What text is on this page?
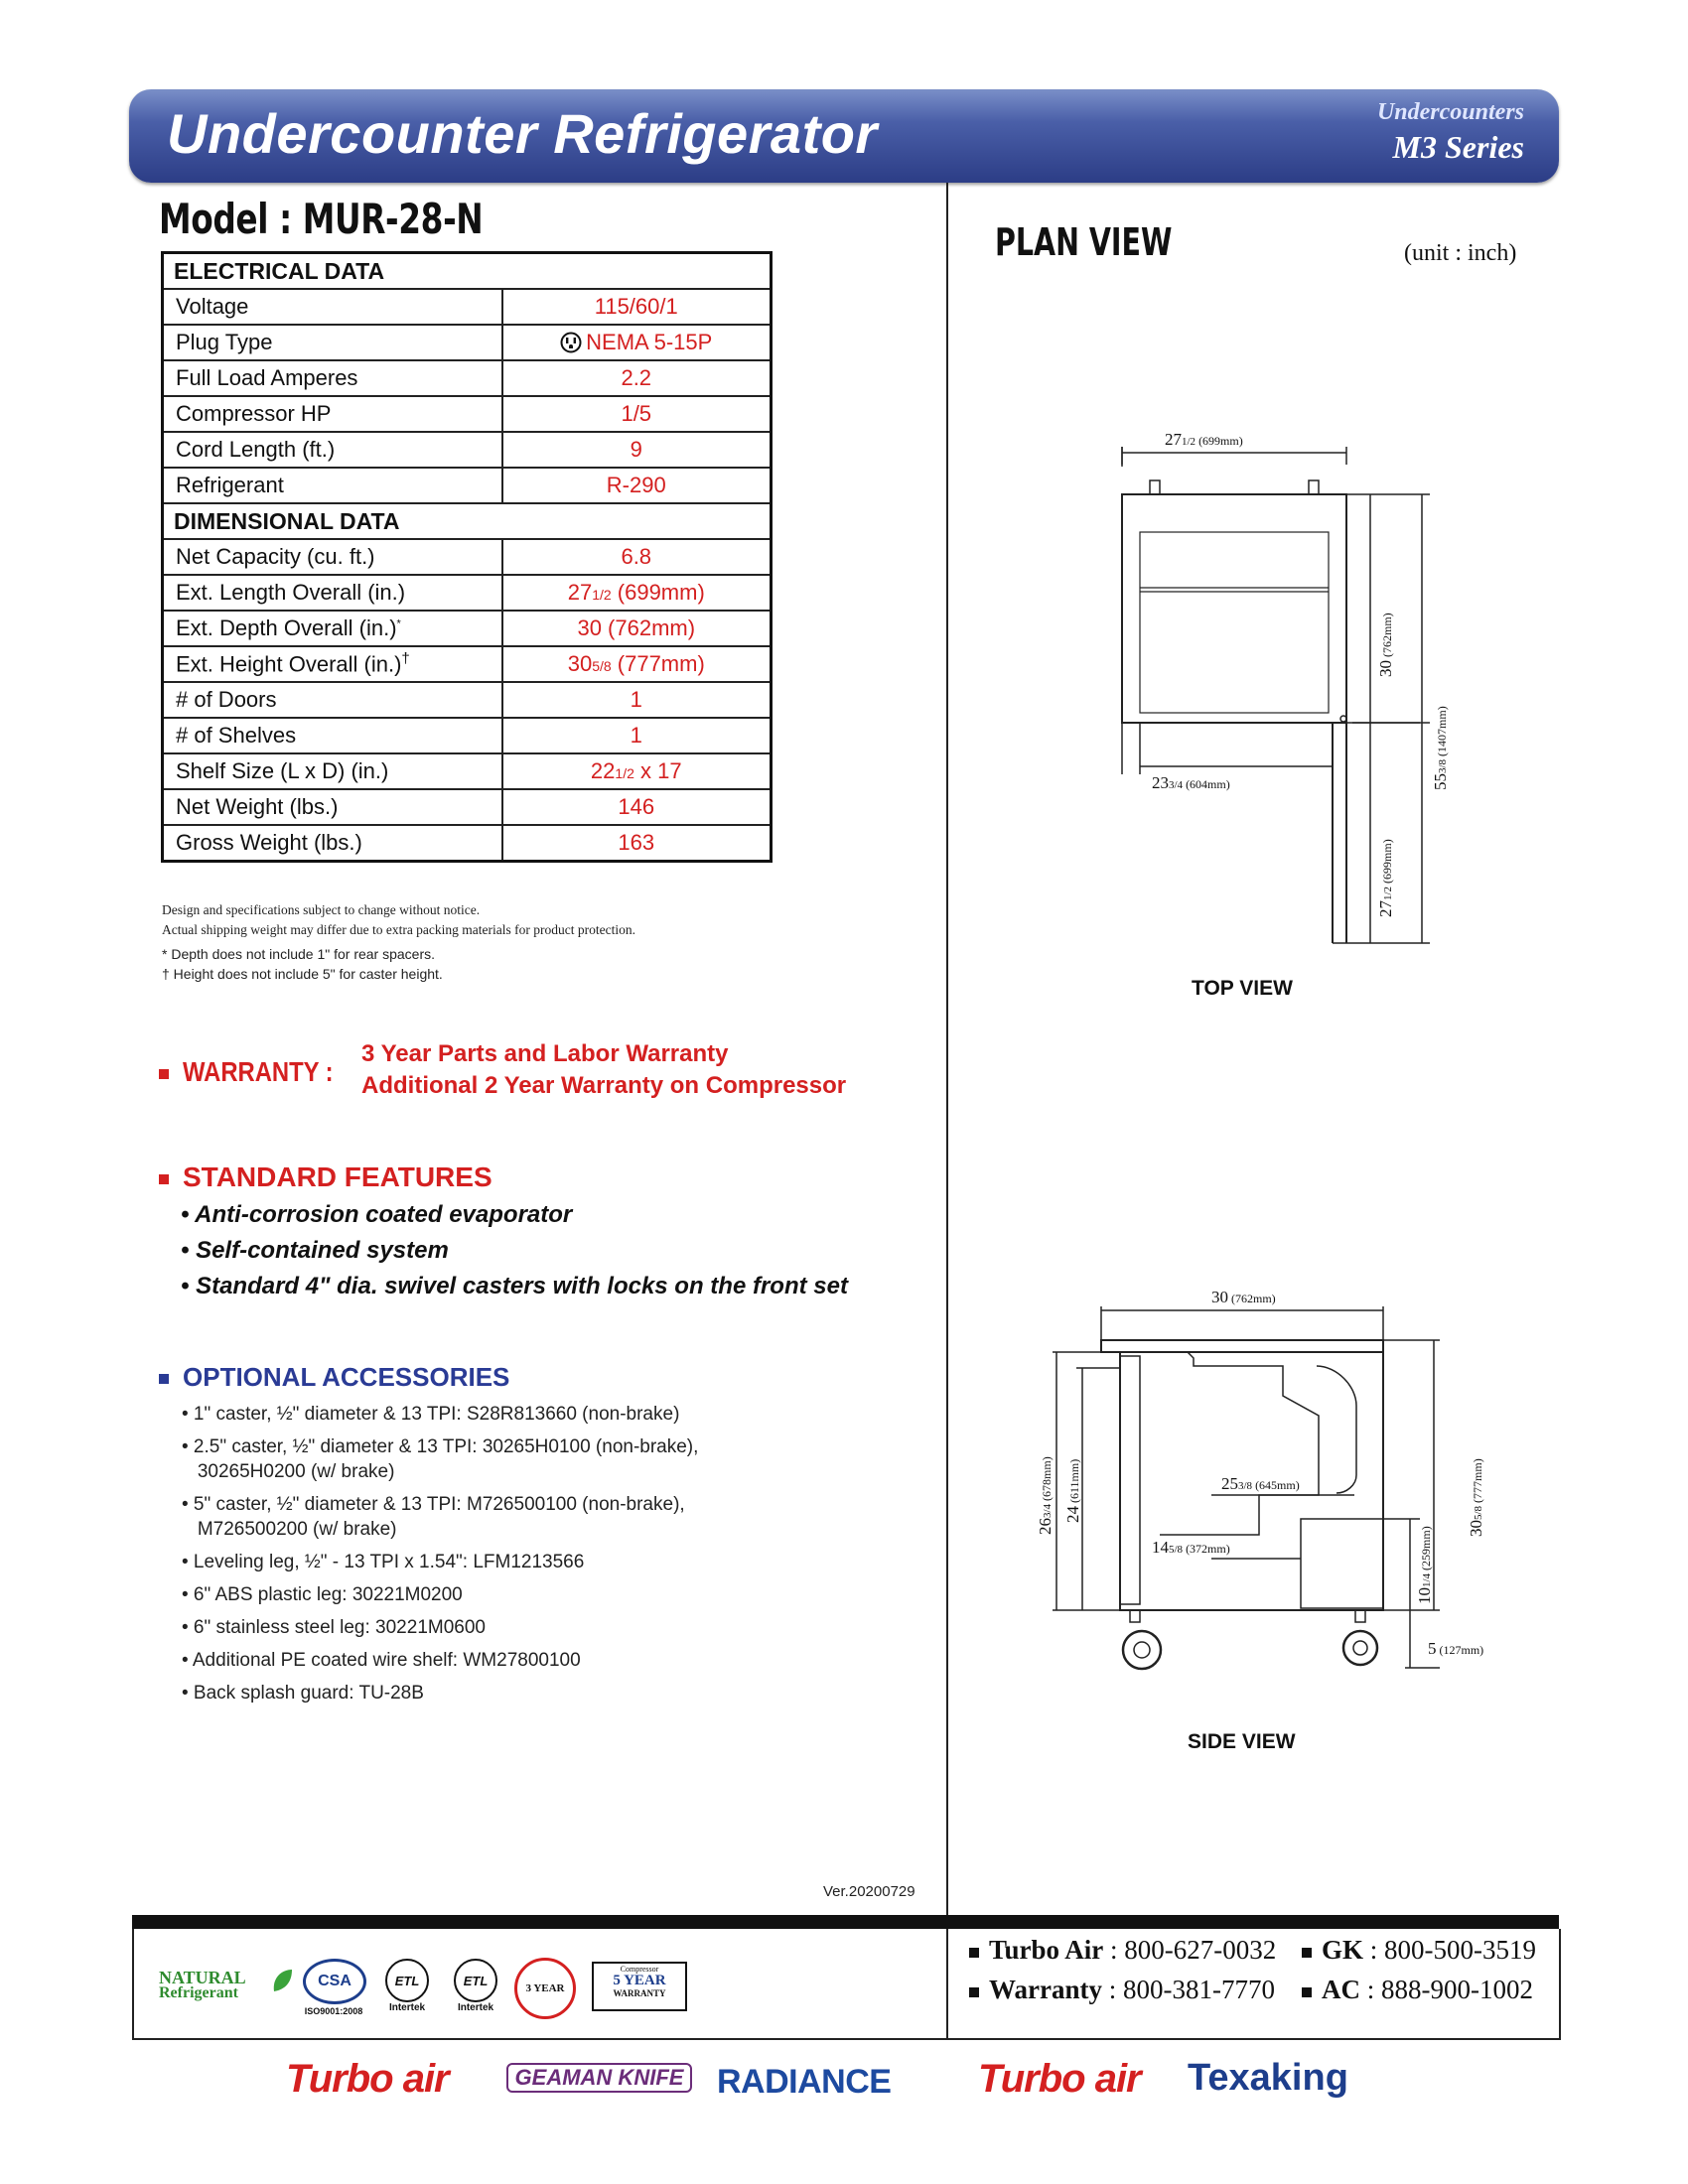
Undercounter Refrigerator	Undercounters
M3 Series
Model : MUR-28-N
ELECTRICAL DATA	
Voltage	115/60/1
Plug Type	NEMA 5-15P
Full Load Amperes	2.2
Compressor HP	1/5
Cord Length (ft.)	9
Refrigerant	R-290
DIMENSIONAL DATA	
Net Capacity (cu. ft.)	6.8
Ext. Length Overall (in.)	271/2 (699mm)
Ext. Depth Overall (in.)*	30 (762mm)
Ext. Height Overall (in.)†	305/8 (777mm)
# of Doors	1
# of Shelves	1
Shelf Size (L x D) (in.)	221/2 x 17
Net Weight (lbs.)	146
Gross Weight (lbs.)	163
Design and specifications subject to change without notice.
Actual shipping weight may differ due to extra packing materials for product protection.
* Depth does not include 1" for rear spacers.
† Height does not include 5" for caster height.
WARRANTY :
3 Year Parts and Labor Warranty
Additional 2 Year Warranty on Compressor
STANDARD FEATURES
• Anti-corrosion coated evaporator
• Self-contained system
• Standard 4" dia. swivel casters with locks on the front set
OPTIONAL ACCESSORIES
• 1" caster, ½" diameter & 13 TPI: S28R813660 (non-brake)
• 2.5" caster, ½" diameter & 13 TPI: 30265H0100 (non-brake),
30265H0200 (w/ brake)
• 5" caster, ½" diameter & 13 TPI: M726500100 (non-brake),
M726500200 (w/ brake)
• Leveling leg, ½" - 13 TPI x 1.54": LFM1213566
• 6" ABS plastic leg: 30221M0200
• 6" stainless steel leg: 30221M0600
• Additional PE coated wire shelf: WM27800100
• Back splash guard: TU-28B
Ver.20200729
PLAN VIEW	(unit : inch)
271/2 (699mm)
233/4 (604mm)
30(762mm)
271/2(699mm)
553/8(1407mm)
TOP VIEW
30 (762mm)
253/8 (645mm)
145/8 (372mm)
263/4(678mm)
24(611mm)
101/4(259mm) 305/8(777mm)
5 (127mm)
SIDE VIEW
NATURAL
Refrigerant
CSA
ISO9001:2008
ETL
Intertek
ETL
Intertek
3 YEAR
Compressor
5 YEAR
WARRANTY
Turbo Air : 800-627-0032	GK : 800-500-3519
Warranty : 800-381-7770	AC : 888-900-1002
Turbo air	GEAMAN KNIFE RADIANCE Turbo air Texaking
